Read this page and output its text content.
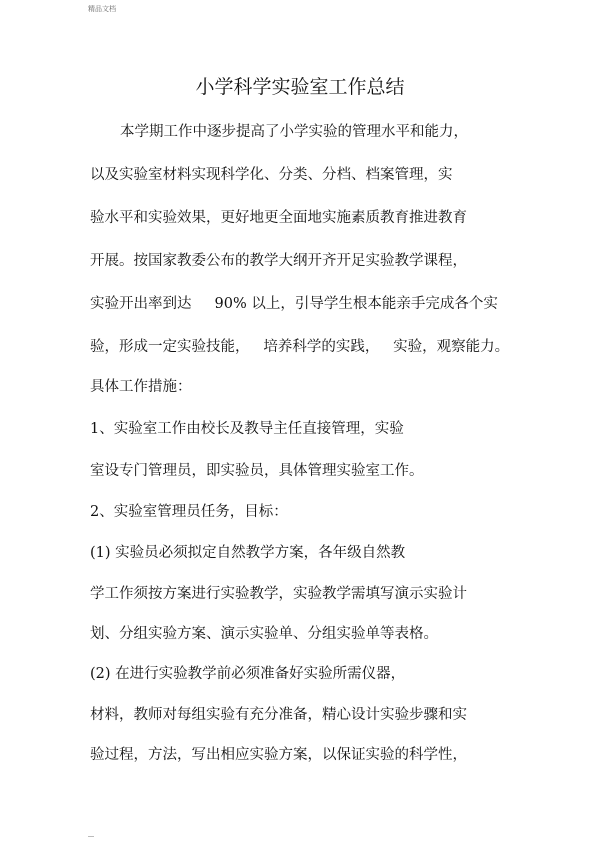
精品文档
小学科学实验室工作总结
本学期工作中逐步提高了小学实验的管理水平和能力，
以及实验室材料实现科学化、分类、分档、档案管理，实
验水平和实验效果，更好地更全面地实施素质教育推进教育
开展。按国家教委公布的教学大纲开齐开足实验教学课程，
实验开出率到达     90% 以上，引导学生根本能亲手完成各个实
验，形成一定实验技能，   培养科学的实践，   实验，观察能力。
具体工作措施：
1、实验室工作由校长及教导主任直接管理，实验
室设专门管理员，即实验员，具体管理实验室工作。
2、实验室管理员任务，目标：
(1) 实验员必须拟定自然教学方案，各年级自然教
学工作须按方案进行实验教学，实验教学需填写演示实验计
划、分组实验方案、演示实验单、分组实验单等表格。
(2) 在进行实验教学前必须准备好实验所需仪器，
材料，教师对每组实验有充分准备，精心设计实验步骤和实
验过程，方法，写出相应实验方案，以保证实验的科学性，
